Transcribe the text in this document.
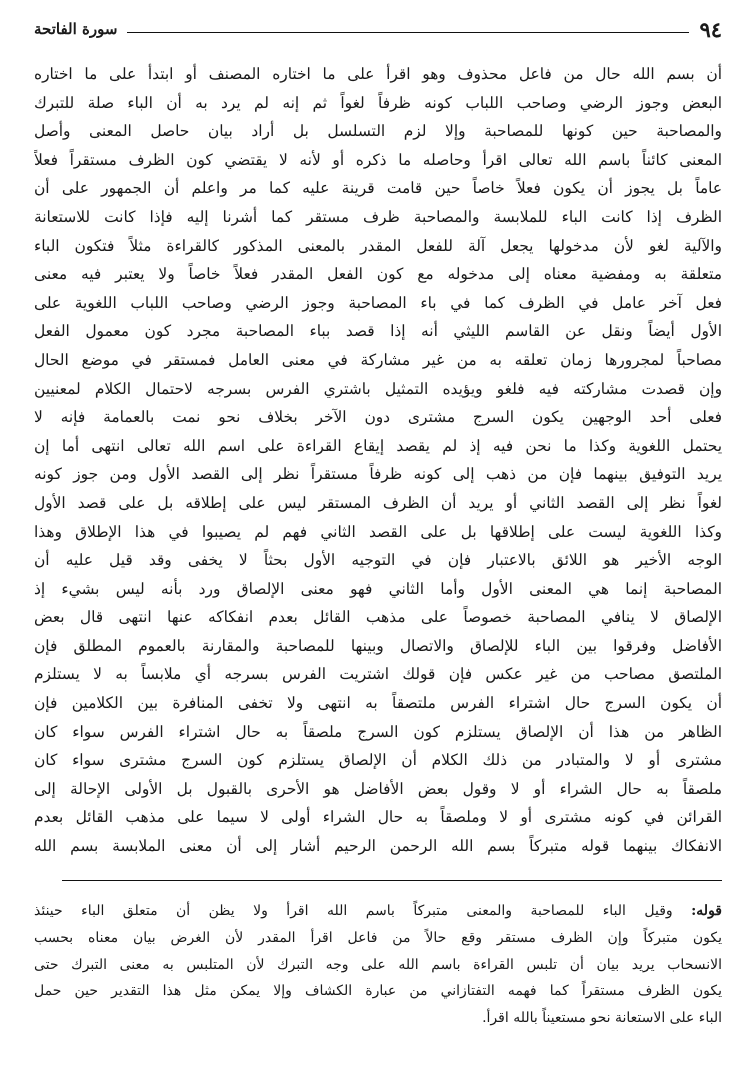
٩٤
سورة الفاتحة
أن بسم الله حال من فاعل محذوف وهو اقرأ على ما اختاره المصنف أو ابتدأ على ما اختاره
البعض وجوز الرضي وصاحب اللباب كونه ظرفاً لغواً ثم إنه لم يرد به أن الباء صلة للتبرك
والمصاحبة حين كونها للمصاحبة وإلا لزم التسلسل بل أراد بيان حاصل المعنى وأصل
المعنى كائناً باسم الله تعالى اقرأ وحاصله ما ذكره أو لأنه لا يقتضي كون الظرف مستقراً فعلاً
عاماً بل يجوز أن يكون فعلاً خاصاً حين قامت قرينة عليه كما مر واعلم أن الجمهور على أن
الظرف إذا كانت الباء للملابسة والمصاحبة ظرف مستقر كما أشرنا إليه فإذا كانت للاستعانة
والآلية لغو لأن مدخولها يجعل آلة للفعل المقدر بالمعنى المذكور كالقراءة مثلاً فتكون الباء
متعلقة به ومفضية معناه إلى مدخوله مع كون الفعل المقدر فعلاً خاصاً ولا يعتبر فيه معنى
فعل آخر عامل في الظرف كما في باء المصاحبة وجوز الرضي وصاحب اللباب اللغوية على
الأول أيضاً ونقل عن القاسم الليثي أنه إذا قصد بباء المصاحبة مجرد كون معمول الفعل
مصاحباً لمجرورها زمان تعلقه به من غير مشاركة في معنى العامل فمستقر في موضع الحال
وإن قصدت مشاركته فيه فلغو ويؤيده التمثيل باشتري الفرس بسرجه لاحتمال الكلام لمعنيين
فعلى أحد الوجهين يكون السرج مشترى دون الآخر بخلاف نحو نمت بالعمامة فإنه لا
يحتمل اللغوية وكذا ما نحن فيه إذ لم يقصد إيقاع القراءة على اسم الله تعالى انتهى أما إن
يريد التوفيق بينهما فإن من ذهب إلى كونه ظرفاً مستقراً نظر إلى القصد الأول ومن جوز كونه
لغواً نظر إلى القصد الثاني أو يريد أن الظرف المستقر ليس على إطلاقه بل على قصد الأول
وكذا اللغوية ليست على إطلاقها بل على القصد الثاني فهم لم يصيبوا في هذا الإطلاق وهذا
الوجه الأخير هو اللائق بالاعتبار فإن في التوجيه الأول بحثاً لا يخفى وقد قيل عليه أن
المصاحبة إنما هي المعنى الأول وأما الثاني فهو معنى الإلصاق ورد بأنه ليس بشيء إذ
الإلصاق لا ينافي المصاحبة خصوصاً على مذهب القائل بعدم انفكاكه عنها انتهى قال بعض
الأفاضل وفرقوا بين الباء للإلصاق والاتصال وبينها للمصاحبة والمقارنة بالعموم المطلق فإن
الملتصق مصاحب من غير عكس فإن قولك اشتريت الفرس بسرجه أي ملابساً به لا يستلزم
أن يكون السرج حال اشتراء الفرس ملتصقاً به انتهى ولا تخفى المنافرة بين الكلامين فإن
الظاهر من هذا أن الإلصاق يستلزم كون السرج ملصقاً به حال اشتراء الفرس سواء كان
مشترى أو لا والمتبادر من ذلك الكلام أن الإلصاق يستلزم كون السرج مشترى سواء كان
ملصقاً به حال الشراء أو لا وقول بعض الأفاضل هو الأحرى بالقبول بل الأولى الإحالة إلى
القرائن في كونه مشترى أو لا وملصقاً به حال الشراء أولى لا سيما على مذهب القائل بعدم
الانفكاك بينهما قوله متبركاً بسم الله الرحمن الرحيم أشار إلى أن معنى الملابسة بسم الله
قوله: وقيل الباء للمصاحبة والمعنى متبركاً باسم الله اقرأ ولا يظن أن متعلق الباء حينئذ
يكون متبركاً وإن الظرف مستقر وقع حالاً من فاعل اقرأ المقدر لأن الغرض بيان معناه بحسب
الانسحاب يريد بيان أن تلبس القراءة باسم الله على وجه التبرك لأن المتلبس به معنى التبرك حتى
يكون الظرف مستقراً كما فهمه التفتازاني من عبارة الكشاف وإلا يمكن مثل هذا التقدير حين حمل
الباء على الاستعانة نحو مستعيناً بالله اقرأ.
